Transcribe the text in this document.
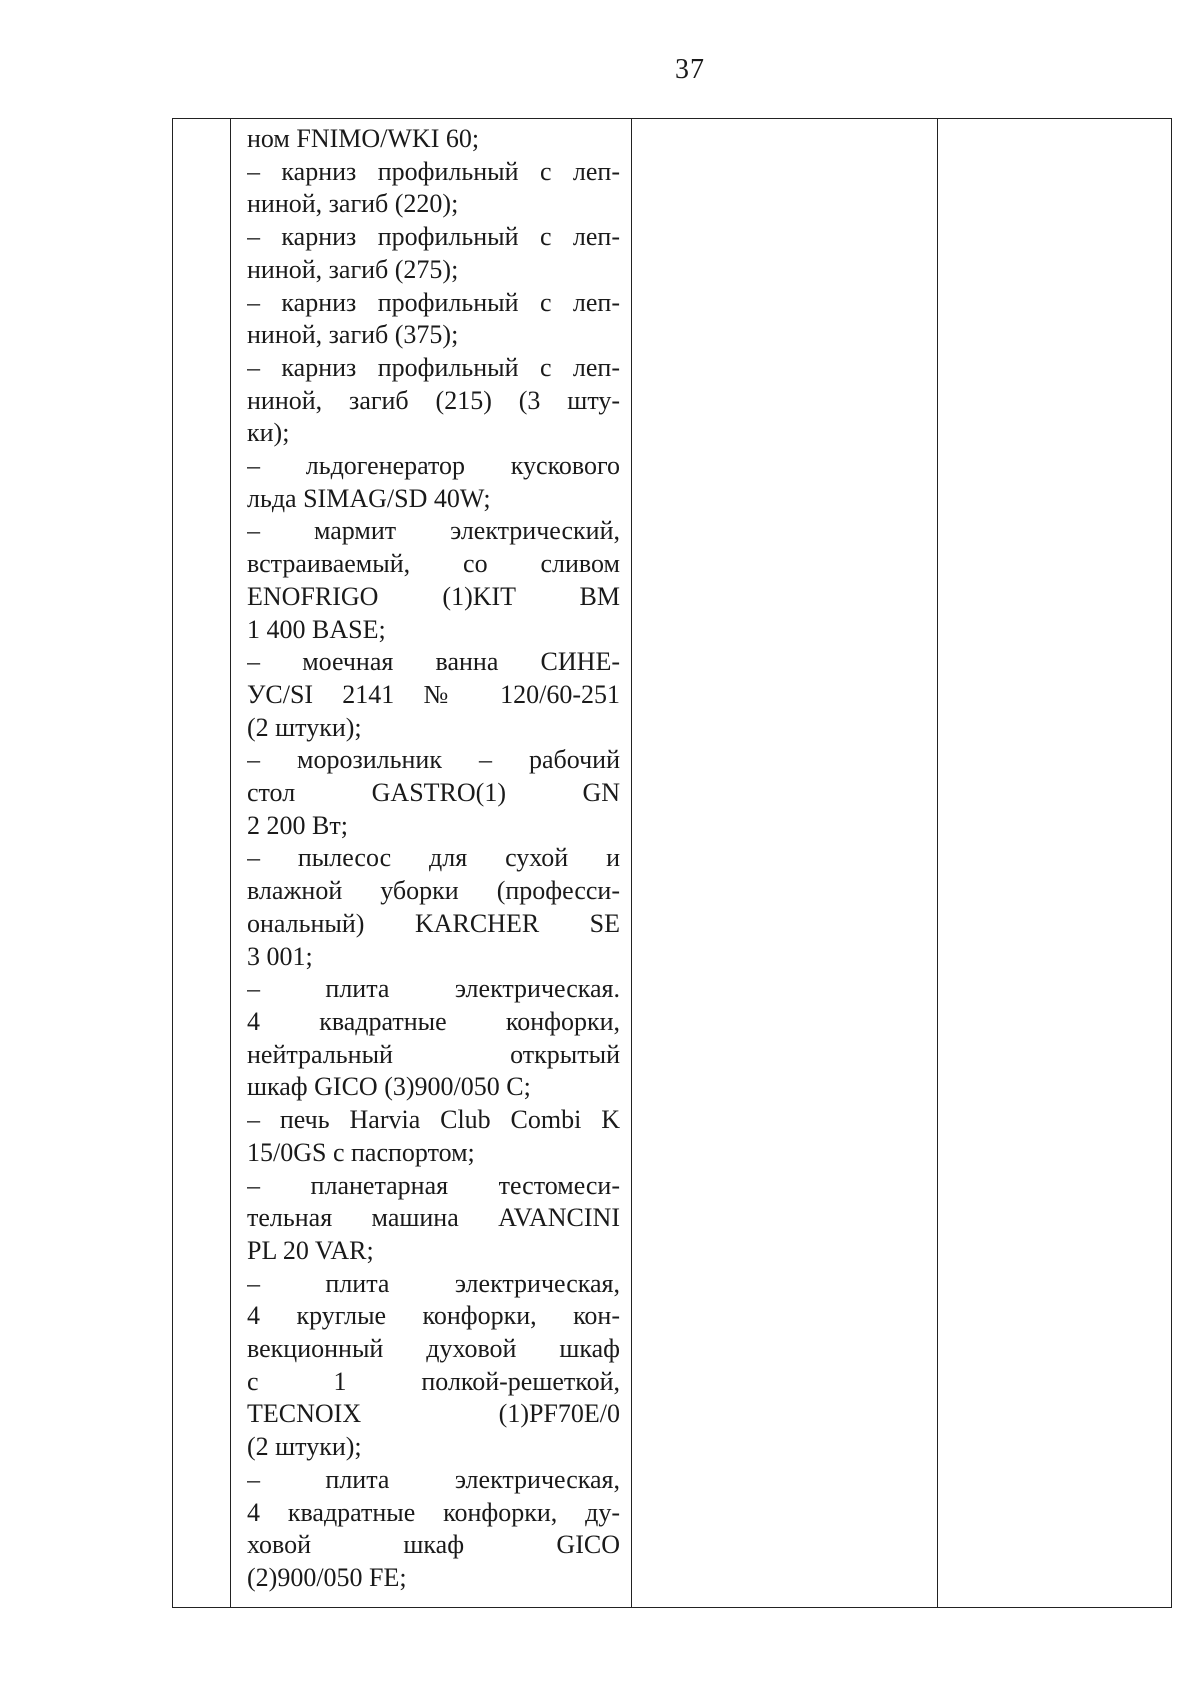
37

ном FNIMO/WKI 60;

– карниз профильный с леп-

ниной, загиб (220);

– карниз профильный с леп-

ниной, загиб (275);

– карниз профильный с леп-

ниной, загиб (375);

– карниз профильный с леп-

ниной, загиб (215) (3 шту-

ки);

– льдогенератор кускового

льда SIMAG/SD 40W;

– мармит электрический,

встраиваемый, со сливом

ENOFRIGO (1)KIT BM

1 400 BASE;

– моечная ванна СИНЕ-

УС/SI 2141 № 120/60-251

(2 штуки);

– морозильник – рабочий

стол GASTRO(1) GN

2 200 Вт;

– пылесос для сухой и

влажной уборки (професси-

ональный) KARCHER SE

3 001;

– плита электрическая.

4 квадратные конфорки,

нейтральный открытый

шкаф GICO (3)900/050 C;

– печь Harvia Club Combi K

15/0GS с паспортом;

– планетарная тестомеси-

тельная машина AVANCINI

PL 20 VAR;

– плита электрическая,

4 круглые конфорки, кон-

векционный духовой шкаф

с 1 полкой-решеткой,

TECNOIX (1)PF70E/0

(2 штуки);

– плита электрическая,

4 квадратные конфорки, ду-

ховой шкаф GICO

(2)900/050 FE;
